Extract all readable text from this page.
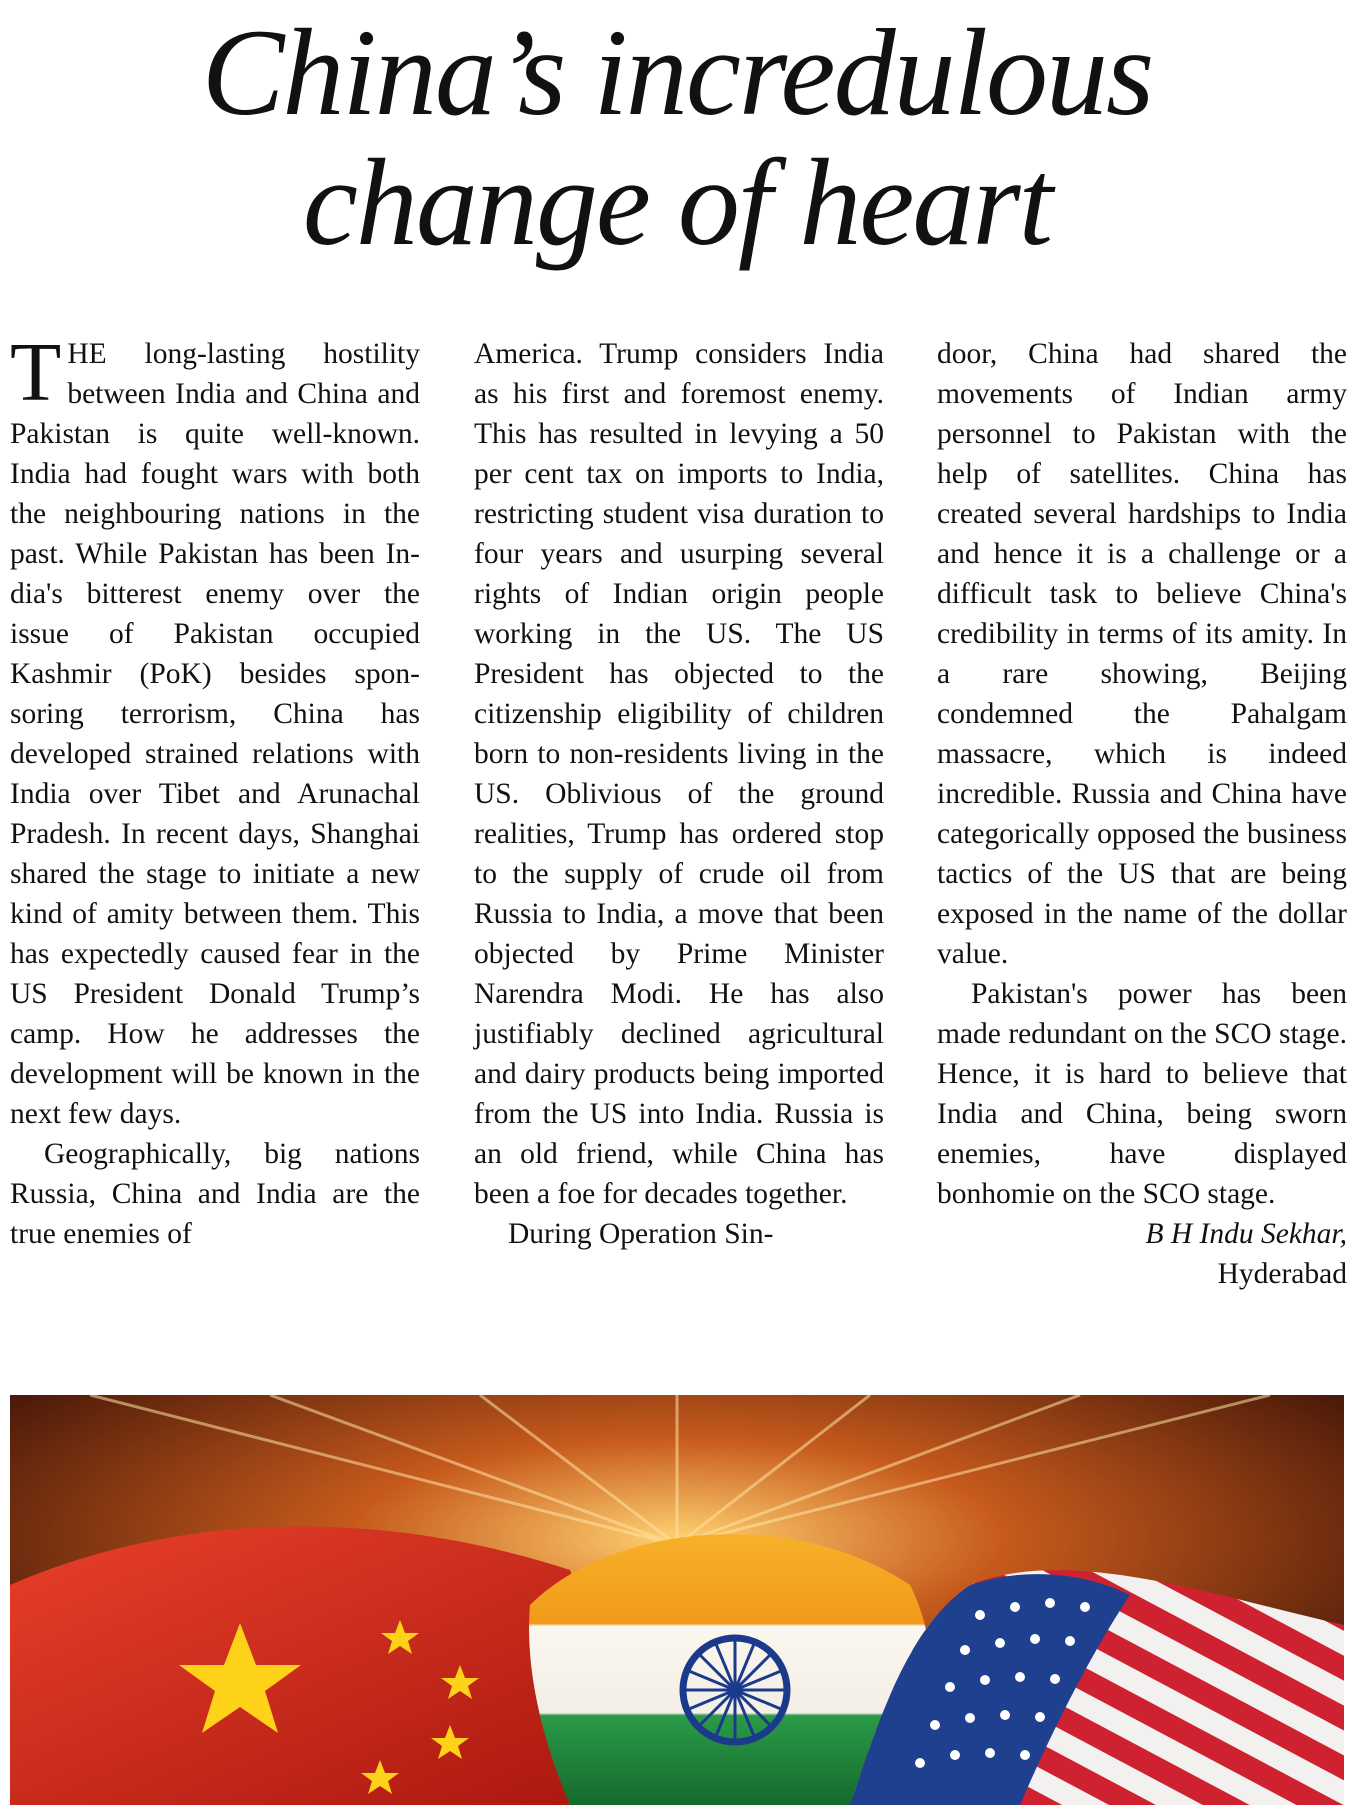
China’s incredulous
change of heart

THE long-lasting hostility between India and China and Pakistan is quite well-known. India had fought wars with both the neighbouring nations in the past. While Pakistan has been India's bitterest enemy over the issue of Pakistan occupied Kashmir (PoK) besides sponsoring terrorism, China has developed strained relations with India over Tibet and Arunachal Pradesh. In recent days, Shanghai shared the stage to initiate a new kind of amity between them. This has expectedly caused fear in the US President Donald Trump’s camp. How he addresses the development will be known in the next few days.

Geographically, big nations Russia, China and India are the true enemies of

America. Trump considers India as his first and foremost enemy. This has resulted in levying a 50 per cent tax on imports to India, restricting student visa duration to four years and usurping several rights of Indian origin people working in the US. The US President has objected to the citizenship eligibility of children born to non-residents living in the US. Oblivious of the ground realities, Trump has ordered stop to the supply of crude oil from Russia to India, a move that been objected by Prime Minister Narendra Modi. He has also justifiably declined agricultural and dairy products being imported from the US into India. Russia is an old friend, while China has been a foe for decades together.

During Operation Sin-

door, China had shared the movements of Indian army personnel to Pakistan with the help of satellites. China has created several hardships to India and hence it is a challenge or a difficult task to believe China's credibility in terms of its amity. In a rare showing, Beijing condemned the Pahalgam massacre, which is indeed incredible. Russia and China have categorically opposed the business tactics of the US that are being exposed in the name of the dollar value.

Pakistan's power has been made redundant on the SCO stage. Hence, it is hard to believe that India and China, being sworn enemies, have displayed bonhomie on the SCO stage.

B H Indu Sekhar,

Hyderabad
